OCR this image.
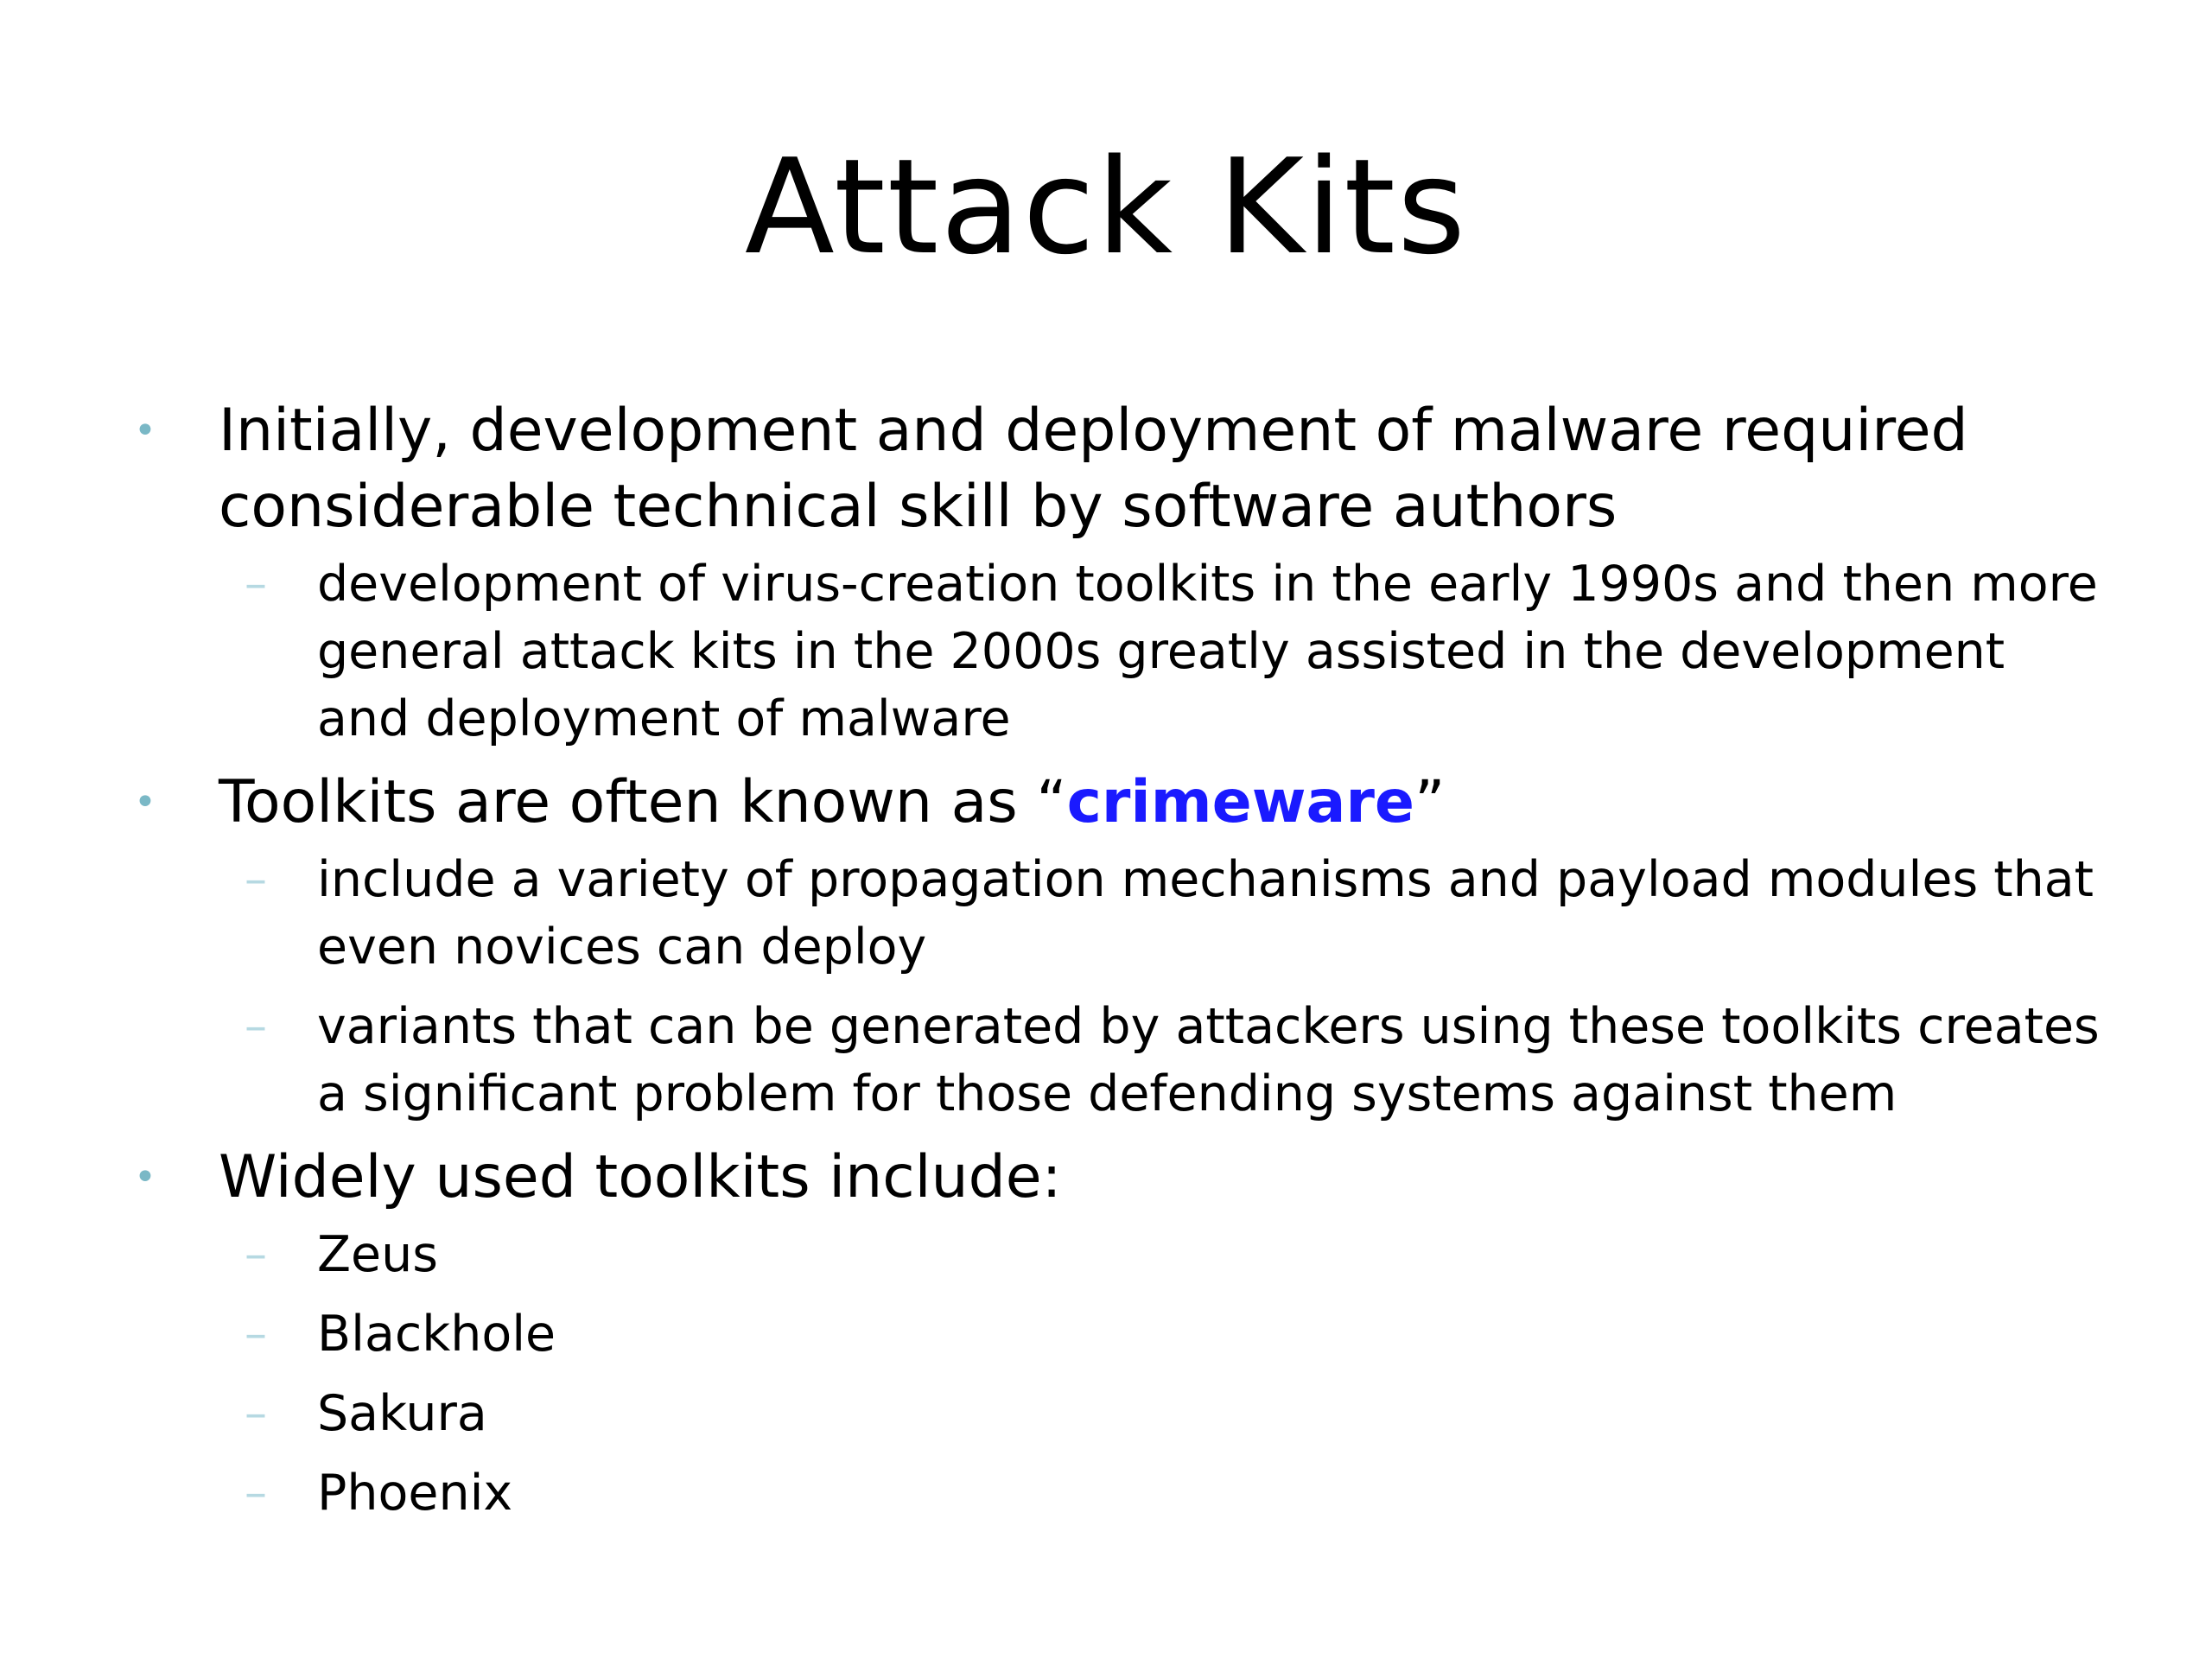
Attack Kits
• Initially, development and deployment of malware required considerable technical skill by software authors
– development of virus-creation toolkits in the early 1990s and then more general attack kits in the 2000s greatly assisted in the development and deployment of malware
• Toolkits are often known as “crimeware”
– include a variety of propagation mechanisms and payload modules that even novices can deploy
– variants that can be generated by attackers using these toolkits creates a significant problem for those defending systems against them
• Widely used toolkits include:
– Zeus
– Blackhole
– Sakura
– Phoenix
